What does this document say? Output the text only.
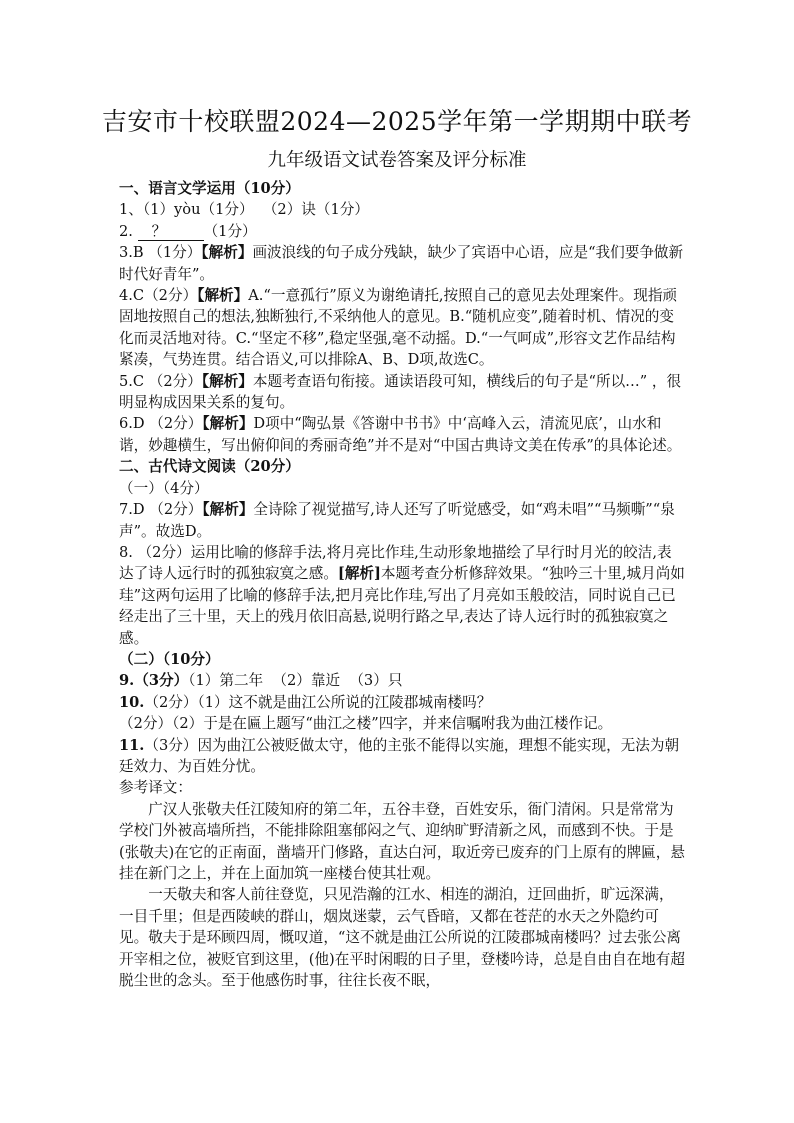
吉安市十校联盟2024—2025学年第一学期期中联考
九年级语文试卷答案及评分标准

一、语言文学运用（10分）

1、（1）yòu（1分）  （2）诀（1分）

2. ？	（1分）

3.B （1分）【解析】画波浪线的句子成分残缺，缺少了宾语中心语，应是“我们要争做新时代好青年”。

4.C（2分）【解析】A.“一意孤行”原义为谢绝请托,按照自己的意见去处理案件。现指顽固地按照自己的想法,独断独行,不采纳他人的意见。B.“随机应变”,随着时机、情况的变化而灵活地对待。C.“坚定不移”,稳定坚强,毫不动摇。D.“一气呵成”,形容文艺作品结构紧凑，气势连贯。结合语义,可以排除A、B、D项,故选C。

5.C （2分）【解析】本题考查语句衔接。通读语段可知，横线后的句子是“所以…” ，很明显构成因果关系的复句。

6.D （2分）【解析】D项中“陶弘景《答谢中书书》中‘高峰入云，清流见底’，山水和谐，妙趣横生，写出俯仰间的秀丽奇绝”并不是对“中国古典诗文美在传承”的具体论述。

二、古代诗文阅读（20分）

（一）（4分）

7.D （2分）【解析】全诗除了视觉描写,诗人还写了听觉感受，如“鸡未唱”“马频嘶”“泉声”。故选D。

8. （2分）运用比喻的修辞手法,将月亮比作珪,生动形象地描绘了早行时月光的皎洁,表达了诗人远行时的孤独寂寞之感。[解析]本题考查分析修辞效果。“独吟三十里,城月尚如珪”这两句运用了比喻的修辞手法,把月亮比作珪,写出了月亮如玉般皎洁，同时说自己已经走出了三十里，天上的残月依旧高悬,说明行路之早,表达了诗人远行时的孤独寂寞之感。

（二）（10分）

9.（3分）（1）第二年  （2）靠近  （3）只

10.（2分）（1）这不就是曲江公所说的江陵郡城南楼吗？

（2分）（2）于是在匾上题写“曲江之楼”四字，并来信嘱咐我为曲江楼作记。

11.（3分）因为曲江公被贬做太守，他的主张不能得以实施，理想不能实现，无法为朝廷效力、为百姓分忧。

参考译文：

广汉人张敬夫任江陵知府的第二年，五谷丰登，百姓安乐，衙门清闲。只是常常为学校门外被高墙所挡，不能排除阻塞郁闷之气、迎纳旷野清新之风，而感到不快。于是(张敬夫)在它的正南面，凿墙开门修路，直达白河，取近旁已废弃的门上原有的牌匾，悬挂在新门之上，并在上面加筑一座楼台使其壮观。

一天敬夫和客人前往登览，只见浩瀚的江水、相连的湖泊，迂回曲折，旷远深满，一目千里；但是西陵峡的群山，烟岚迷蒙，云气昏暗，又都在苍茫的水天之外隐约可见。敬夫于是环顾四周，慨叹道，“这不就是曲江公所说的江陵郡城南楼吗？过去张公离开宰相之位，被贬官到这里，(他)在平时闲暇的日子里，登楼吟诗，总是自由自在地有超脱尘世的念头。至于他感伤时事，往往长夜不眠，
